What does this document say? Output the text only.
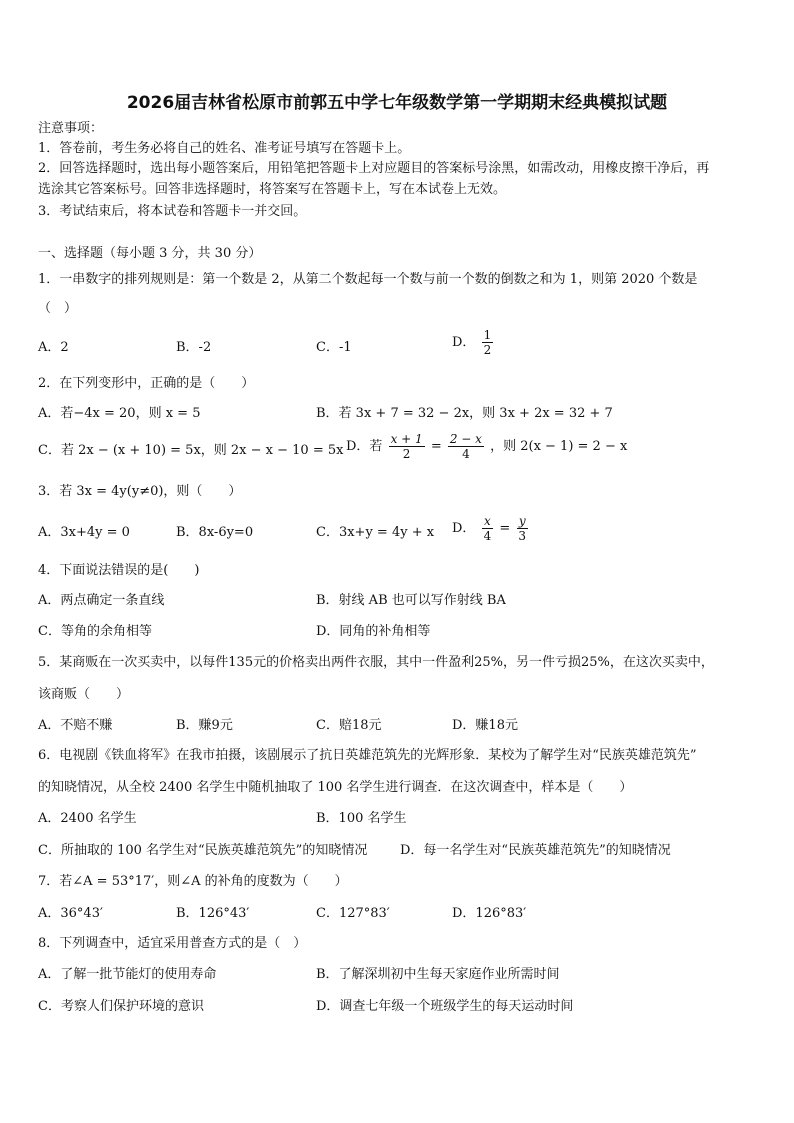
2026届吉林省松原市前郭五中学七年级数学第一学期期末经典模拟试题
注意事项：
1．答卷前，考生务必将自己的姓名、准考证号填写在答题卡上。
2．回答选择题时，选出每小题答案后，用铅笔把答题卡上对应题目的答案标号涂黑，如需改动，用橡皮擦干净后，再
选涂其它答案标号。回答非选择题时，将答案写在答题卡上，写在本试卷上无效。
3．考试结束后，将本试卷和答题卡一并交回。
一、选择题（每小题 3 分，共 30 分）
1．一串数字的排列规则是：第一个数是 2，从第二个数起每一个数与前一个数的倒数之和为 1，则第 2020 个数是
（　）
A．2	B．-2	C．-1	D． $\frac{1}{2}$
2．在下列变形中，正确的是（　　）
A．若−4x = 20，则 x = 5	B．若 3x + 7 = 32 − 2x，则 3x + 2x = 32 + 7
C．若 2x − (x + 10) = 5x，则 2x − x − 10 = 5x D．若 $\frac{x + 1}{2} = \frac{2 - x}{4}$ ，则 2(x − 1) = 2 − x
3．若 3x = 4y(y≠0)，则（　　）
A．3x+4y = 0	B．8x-6y=0	C．3x+y = 4y + x D． $\frac{x}{4} = \frac{y}{3}$
4．下面说法错误的是(　　)
A．两点确定一条直线	B．射线 AB 也可以写作射线 BA
C．等角的余角相等	D．同角的补角相等
5．某商贩在一次买卖中，以每件135元的价格卖出两件衣服，其中一件盈利25%，另一件亏损25%，在这次买卖中，
该商贩（　　）
A．不赔不赚	B．赚9元	C．赔18元	D．赚18元
6．电视剧《铁血将军》在我市拍摄，该剧展示了抗日英雄范筑先的光辉形象．某校为了解学生对“民族英雄范筑先”
的知晓情况，从全校 2400 名学生中随机抽取了 100 名学生进行调查．在这次调查中，样本是（　　）
A．2400 名学生	B．100 名学生
C．所抽取的 100 名学生对“民族英雄范筑先”的知晓情况	D．每一名学生对“民族英雄范筑先”的知晓情况
7．若∠A = 53°17′，则∠A 的补角的度数为（　　）
A．36°43′	B．126°43′	C．127°83′	D．126°83′
8．下列调查中，适宜采用普查方式的是（　）
A．了解一批节能灯的使用寿命	B．了解深圳初中生每天家庭作业所需时间
C．考察人们保护环境的意识	D．调查七年级一个班级学生的每天运动时间
